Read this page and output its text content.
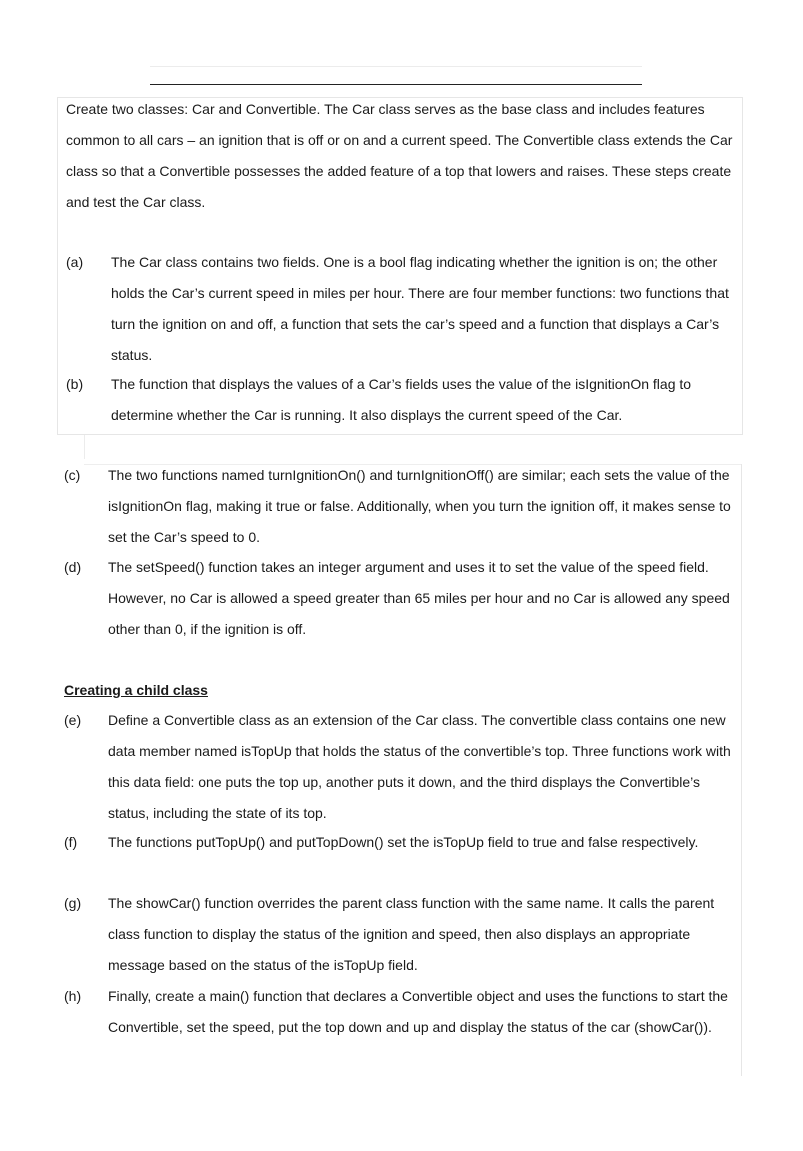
Create two classes: Car and Convertible. The Car class serves as the base class and includes features common to all cars – an ignition that is off or on and a current speed. The Convertible class extends the Car class so that a Convertible possesses the added feature of a top that lowers and raises. These steps create and test the Car class.

(a) The Car class contains two fields. One is a bool flag indicating whether the ignition is on; the other holds the Car’s current speed in miles per hour. There are four member functions: two functions that turn the ignition on and off, a function that sets the car’s speed and a function that displays a Car’s status.

(b) The function that displays the values of a Car’s fields uses the value of the isIgnitionOn flag to determine whether the Car is running. It also displays the current speed of the Car.

(c) The two functions named turnIgnitionOn() and turnIgnitionOff() are similar; each sets the value of the isIgnitionOn flag, making it true or false. Additionally, when you turn the ignition off, it makes sense to set the Car’s speed to 0.

(d) The setSpeed() function takes an integer argument and uses it to set the value of the speed field. However, no Car is allowed a speed greater than 65 miles per hour and no Car is allowed any speed other than 0, if the ignition is off.

Creating a child class

(e) Define a Convertible class as an extension of the Car class. The convertible class contains one new data member named isTopUp that holds the status of the convertible’s top. Three functions work with this data field: one puts the top up, another puts it down, and the third displays the Convertible’s status, including the state of its top.

(f) The functions putTopUp() and putTopDown() set the isTopUp field to true and false respectively.

(g) The showCar() function overrides the parent class function with the same name. It calls the parent class function to display the status of the ignition and speed, then also displays an appropriate message based on the status of the isTopUp field.

(h) Finally, create a main() function that declares a Convertible object and uses the functions to start the Convertible, set the speed, put the top down and up and display the status of the car (showCar()).
